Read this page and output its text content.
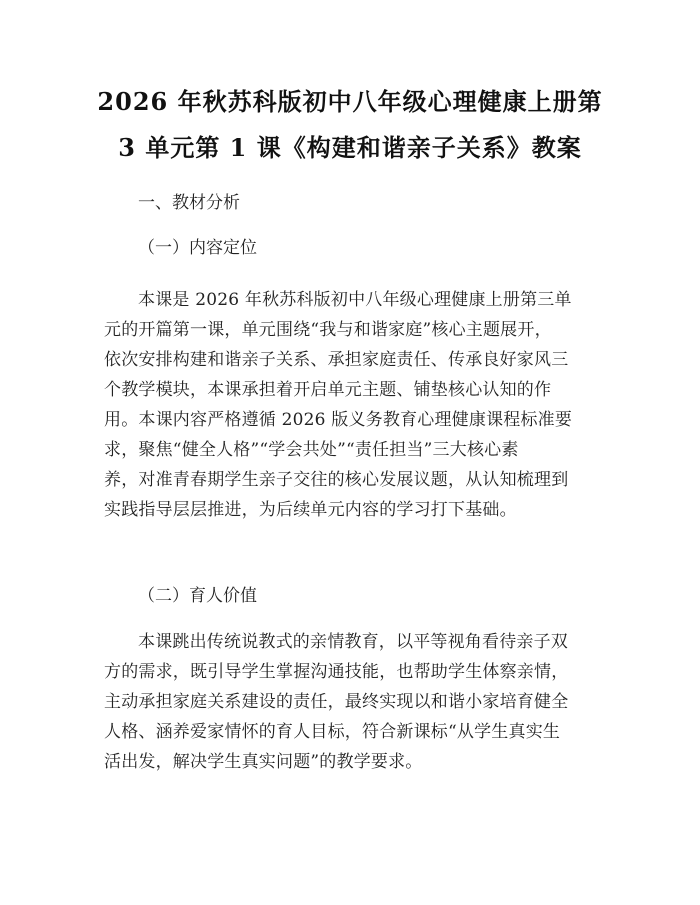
2026 年秋苏科版初中八年级心理健康上册第
3 单元第 1 课《构建和谐亲子关系》教案
一、教材分析
（一）内容定位
本课是 2026 年秋苏科版初中八年级心理健康上册第三单
元的开篇第一课，单元围绕“我与和谐家庭”核心主题展开，
依次安排构建和谐亲子关系、承担家庭责任、传承良好家风三
个教学模块，本课承担着开启单元主题、铺垫核心认知的作
用。本课内容严格遵循 2026 版义务教育心理健康课程标准要
求，聚焦“健全人格”“学会共处”“责任担当”三大核心素
养，对准青春期学生亲子交往的核心发展议题，从认知梳理到
实践指导层层推进，为后续单元内容的学习打下基础。
（二）育人价值
本课跳出传统说教式的亲情教育，以平等视角看待亲子双
方的需求，既引导学生掌握沟通技能，也帮助学生体察亲情，
主动承担家庭关系建设的责任，最终实现以和谐小家培育健全
人格、涵养爱家情怀的育人目标，符合新课标“从学生真实生
活出发，解决学生真实问题”的教学要求。
